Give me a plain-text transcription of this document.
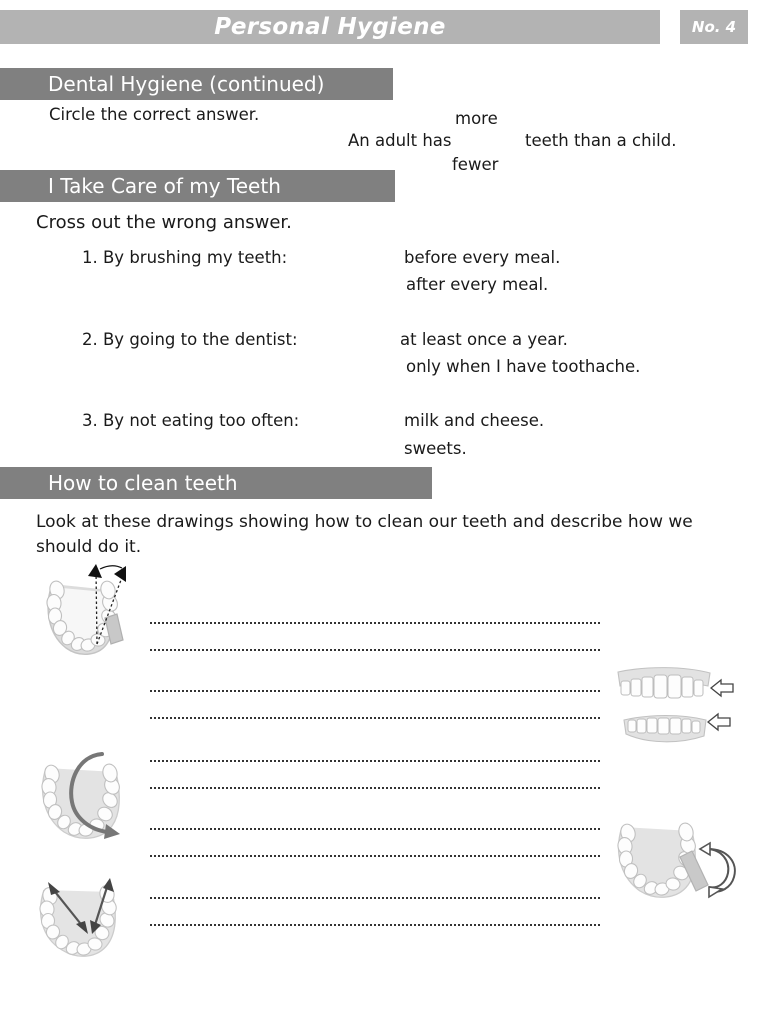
Personal Hygiene	No. 4
Dental Hygiene (continued)
Circle the correct answer.
An adult has
more
fewer
teeth than a child.
I Take Care of my Teeth
Cross out the wrong answer.
1. By brushing my teeth:	before every meal.
after every meal.
2. By going to the dentist:	at least once a year.
only when I have toothache.
3. By not eating too often:	milk and cheese.
sweets.
How to clean teeth
Look at these drawings showing how to clean our teeth and describe how we should do it.
